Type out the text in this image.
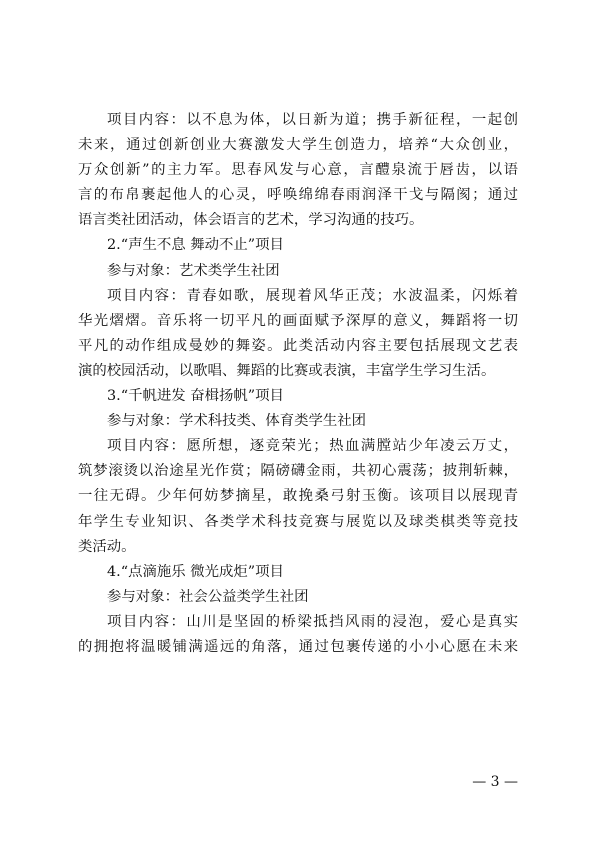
项目内容：以不息为体，以日新为道；携手新征程，一起创
未来，通过创新创业大赛激发大学生创造力，培养“大众创业，
万众创新”的主力军。思春风发与心意，言醴泉流于唇齿，以语
言的布帛裹起他人的心灵，呼唤绵绵春雨润泽干戈与隔阂；通过
语言类社团活动，体会语言的艺术，学习沟通的技巧。
2.“声生不息 舞动不止”项目
参与对象：艺术类学生社团
项目内容：青春如歌，展现着风华正茂；水波温柔，闪烁着
华光熠熠。音乐将一切平凡的画面赋予深厚的意义，舞蹈将一切
平凡的动作组成曼妙的舞姿。此类活动内容主要包括展现文艺表
演的校园活动，以歌唱、舞蹈的比赛或表演，丰富学生学习生活。
3.“千帆进发 奋楫扬帆”项目
参与对象：学术科技类、体育类学生社团
项目内容：愿所想，逐竞荣光；热血满膛站少年凌云万丈，
筑梦滚烫以治途星光作赏；隔磅礴金雨，共初心震荡；披荆斩棘，
一往无碍。少年何妨梦摘星，敢挽桑弓射玉衡。该项目以展现青
年学生专业知识、各类学术科技竞赛与展览以及球类棋类等竞技
类活动。
4.“点滴施乐 微光成炬”项目
参与对象：社会公益类学生社团
项目内容：山川是坚固的桥梁抵挡风雨的浸泡，爱心是真实
的拥抱将温暖铺满遥远的角落，通过包裹传递的小小心愿在未来
— 3 —
